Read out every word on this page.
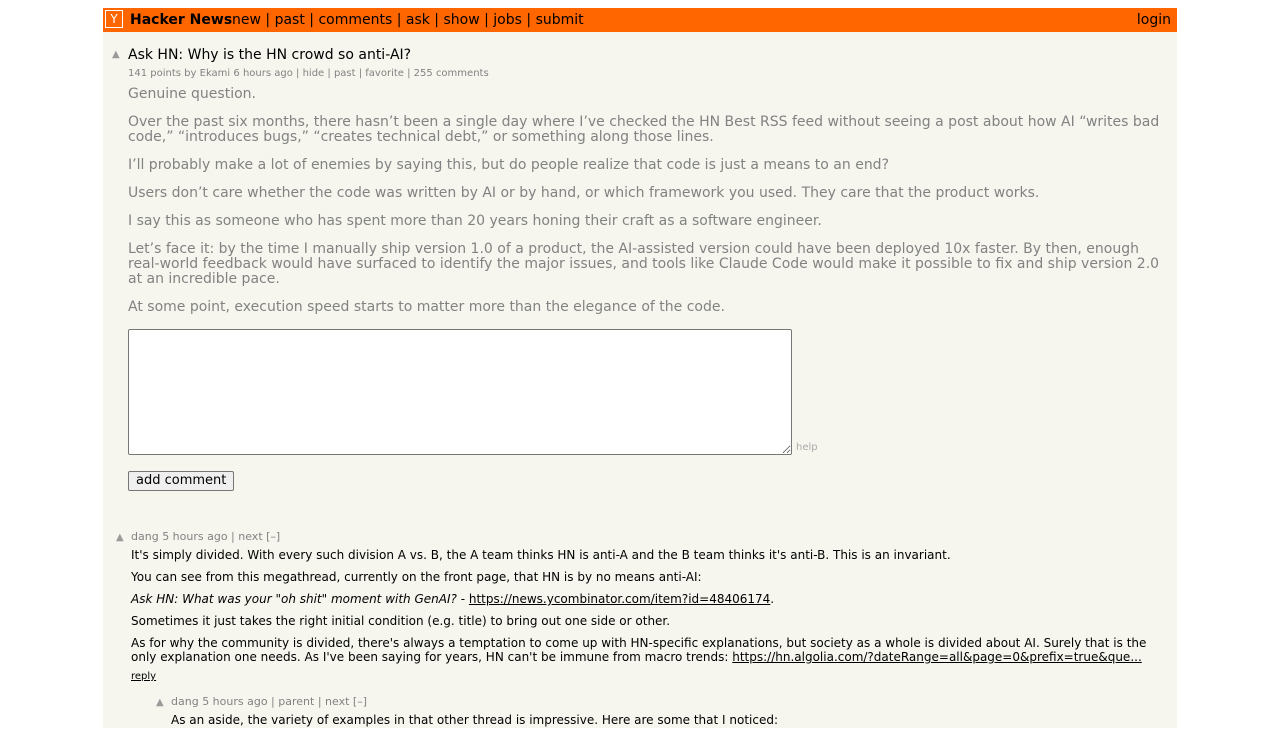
Y Hacker News new | past | comments | ask | show | jobs | submit	login
▲ Ask HN: Why is the HN crowd so anti-AI?
141 points by Ekami 6 hours ago | hide | past | favorite | 255 comments

Genuine question.

Over the past six months, there hasn’t been a single day where I’ve checked the HN Best RSS feed without seeing a post about how AI “writes bad code,” “introduces bugs,” “creates technical debt,” or something along those lines.

I’ll probably make a lot of enemies by saying this, but do people realize that code is just a means to an end?

Users don’t care whether the code was written by AI or by hand, or which framework you used. They care that the product works.

I say this as someone who has spent more than 20 years honing their craft as a software engineer.

Let’s face it: by the time I manually ship version 1.0 of a product, the AI-assisted version could have been deployed 10x faster. By then, enough real-world feedback would have surfaced to identify the major issues, and tools like Claude Code would make it possible to fix and ship version 2.0 at an incredible pace.

At some point, execution speed starts to matter more than the elegance of the code.

help
add comment
▲ dang 5 hours ago | next [–]

It's simply divided. With every such division A vs. B, the A team thinks HN is anti-A and the B team thinks it's anti-B. This is an invariant.

You can see from this megathread, currently on the front page, that HN is by no means anti-AI:

Ask HN: What was your "oh shit" moment with GenAI? - https://news.ycombinator.com/item?id=48406174.

Sometimes it just takes the right initial condition (e.g. title) to bring out one side or other.

As for why the community is divided, there's always a temptation to come up with HN-specific explanations, but society as a whole is divided about AI. Surely that is the only explanation one needs. As I've been saying for years, HN can't be immune from macro trends: https://hn.algolia.com/?dateRange=all&page=0&prefix=true&que...

reply
▲ dang 5 hours ago | parent | next [–]

As an aside, the variety of examples in that other thread is impressive. Here are some that I noticed:
